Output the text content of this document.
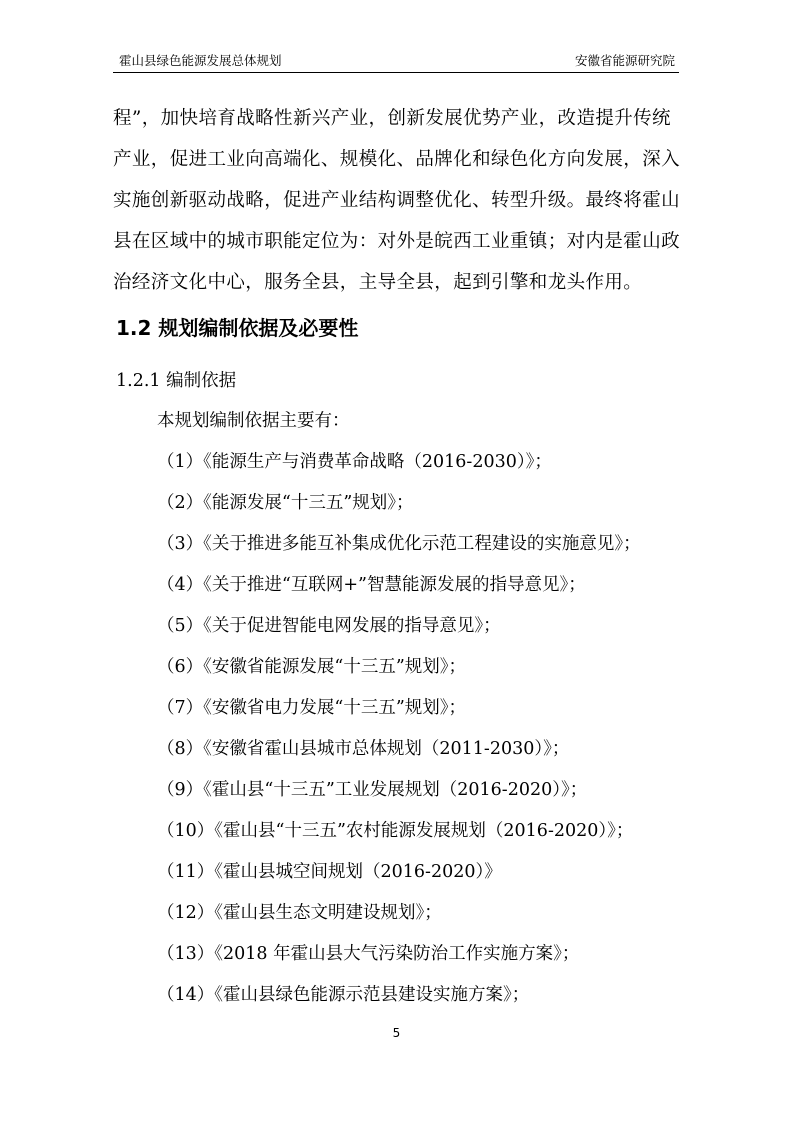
霍山县绿色能源发展总体规划	安徽省能源研究院

程”，加快培育战略性新兴产业，创新发展优势产业，改造提升传统

产业，促进工业向高端化、规模化、品牌化和绿色化方向发展，深入

实施创新驱动战略，促进产业结构调整优化、转型升级。最终将霍山

县在区域中的城市职能定位为：对外是皖西工业重镇；对内是霍山政

治经济文化中心，服务全县，主导全县，起到引擎和龙头作用。

1.2 规划编制依据及必要性
1.2.1 编制依据
本规划编制依据主要有：
（1）《能源生产与消费革命战略（2016-2030）》；
（2）《能源发展“十三五”规划》；
（3）《关于推进多能互补集成优化示范工程建设的实施意见》；
（4）《关于推进“互联网+”智慧能源发展的指导意见》；
（5）《关于促进智能电网发展的指导意见》；
（6）《安徽省能源发展“十三五”规划》；
（7）《安徽省电力发展“十三五”规划》；
（8）《安徽省霍山县城市总体规划（2011-2030）》；
（9）《霍山县“十三五”工业发展规划（2016-2020）》；
（10）《霍山县“十三五”农村能源发展规划（2016-2020）》；
（11）《霍山县城空间规划（2016-2020）》
（12）《霍山县生态文明建设规划》；
（13）《2018 年霍山县大气污染防治工作实施方案》；
（14）《霍山县绿色能源示范县建设实施方案》；
5
